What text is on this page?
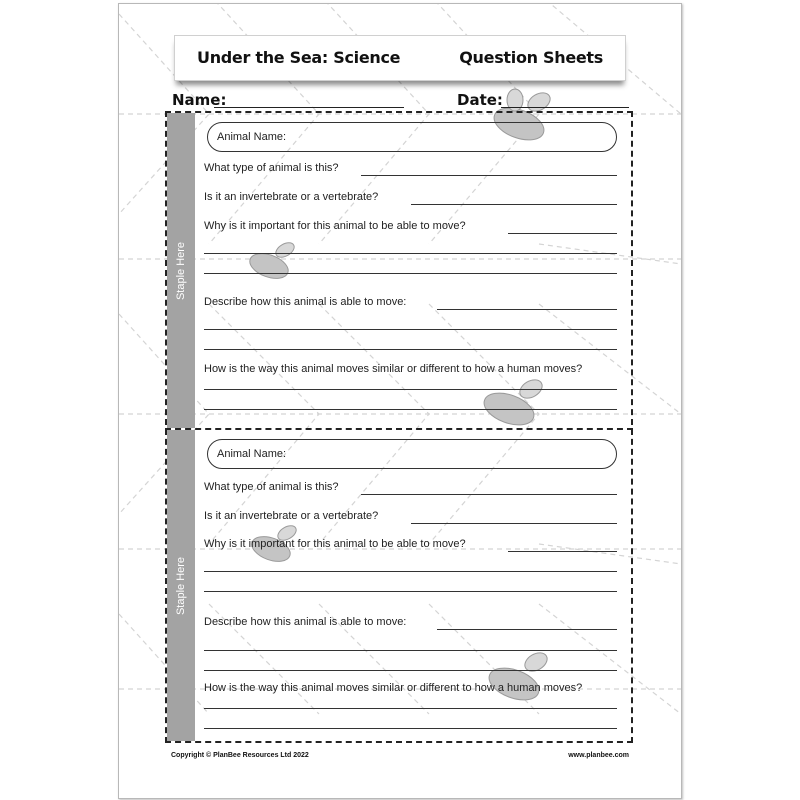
Under the Sea: Science	Question Sheets
Name:	Date:
Staple Here
Staple Here
Animal Name:
What type of animal is this?
Is it an invertebrate or a vertebrate?
Why is it important for this animal to be able to move?
Describe how this animal is able to move:
How is the way this animal moves similar or different to how a human moves?
Animal Name:
What type of animal is this?
Is it an invertebrate or a vertebrate?
Why is it important for this animal to be able to move?
Describe how this animal is able to move:
How is the way this animal moves similar or different to how a human moves?
Copyright © PlanBee Resources Ltd 2022	www.planbee.com
